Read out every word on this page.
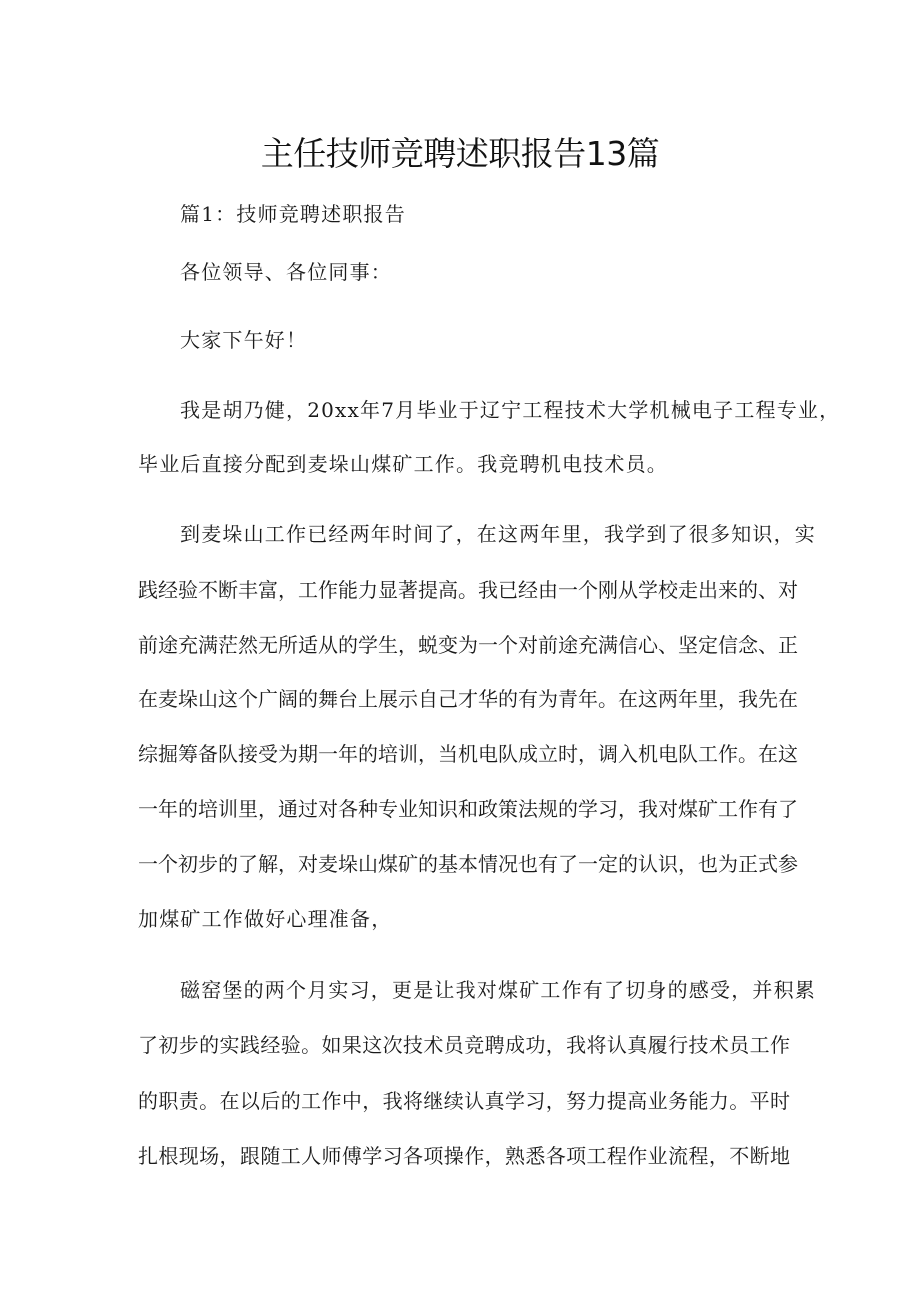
主任技师竞聘述职报告13篇

篇1：技师竞聘述职报告

各位领导、各位同事：

大家下午好！

我是胡乃健，20xx年7月毕业于辽宁工程技术大学机械电子工程专业，

毕业后直接分配到麦垛山煤矿工作。我竞聘机电技术员。

到麦垛山工作已经两年时间了，在这两年里，我学到了很多知识，实

践经验不断丰富，工作能力显著提高。我已经由一个刚从学校走出来的、对

前途充满茫然无所适从的学生，蜕变为一个对前途充满信心、坚定信念、正

在麦垛山这个广阔的舞台上展示自己才华的有为青年。在这两年里，我先在

综掘筹备队接受为期一年的培训，当机电队成立时，调入机电队工作。在这

一年的培训里，通过对各种专业知识和政策法规的学习，我对煤矿工作有了

一个初步的了解，对麦垛山煤矿的基本情况也有了一定的认识，也为正式参

加煤矿工作做好心理准备，

磁窑堡的两个月实习，更是让我对煤矿工作有了切身的感受，并积累

了初步的实践经验。如果这次技术员竞聘成功，我将认真履行技术员工作

的职责。在以后的工作中，我将继续认真学习，努力提高业务能力。平时

扎根现场，跟随工人师傅学习各项操作，熟悉各项工程作业流程，不断地
